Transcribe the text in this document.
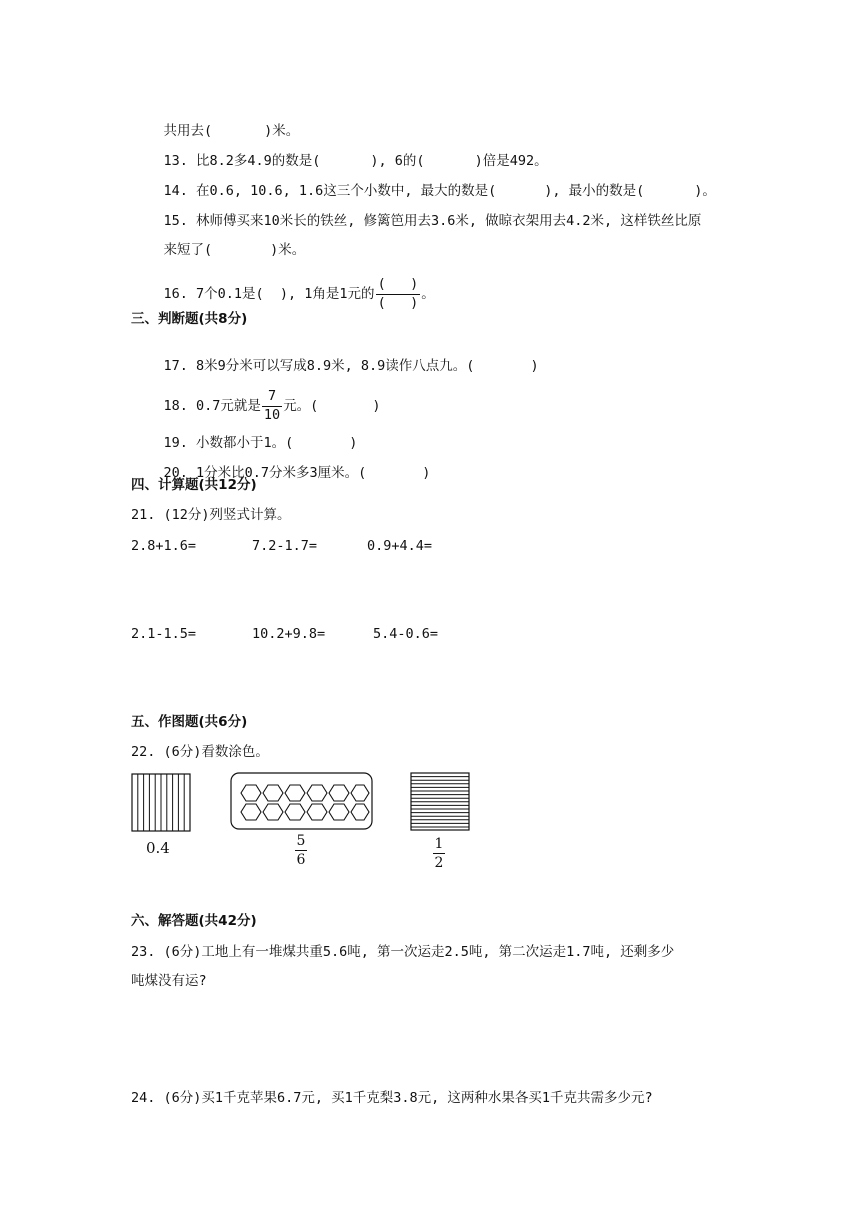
共用去(	)米。

13. 比8.2多4.9的数是(	), 6的(	)倍是492。

14. 在0.6, 10.6, 1.6这三个小数中, 最大的数是(	), 最小的数是(	)。

15. 林师傅买来10米长的铁丝, 修篱笆用去3.6米, 做晾衣架用去4.2米, 这样铁丝比原

来短了(	)米。

16. 7个0.1是(  ), 1角是1元的 $\frac{( )}{( )}$ 。

三、判断题(共8分)

17. 8米9分米可以写成8.9米, 8.9读作八点九。(	)

18. 0.7元就是 $\frac{7}{10}$ 元。(	)

19. 小数都小于1。(	)

20. 1分米比0.7分米多3厘米。(	)

四、计算题(共12分)
21. (12分)列竖式计算。
2.8+1.6=	7.2-1.7=	0.9+4.4=
2.1-1.5=	10.2+9.8=	5.4-0.6=
五、作图题(共6分)
22. (6分)看数涂色。
0.4	5
6
1
2
六、解答题(共42分)
23. (6分)工地上有一堆煤共重5.6吨, 第一次运走2.5吨, 第二次运走1.7吨, 还剩多少
吨煤没有运?
24. (6分)买1千克苹果6.7元, 买1千克梨3.8元, 这两种水果各买1千克共需多少元?
